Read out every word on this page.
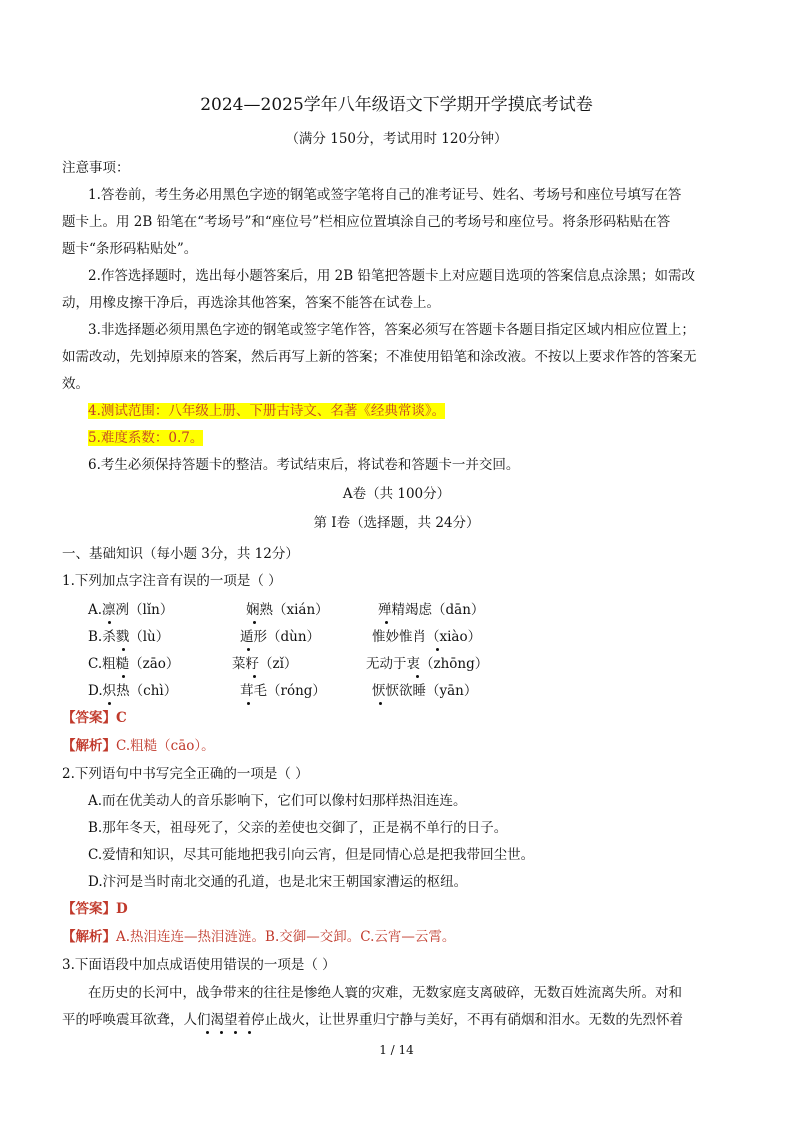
2024—2025学年八年级语文下学期开学摸底考试卷
（满分 150分，考试用时 120分钟）
注意事项：
1.答卷前，考生务必用黑色字迹的钢笔或签字笔将自己的准考证号、姓名、考场号和座位号填写在答
题卡上。用 2B 铅笔在“考场号”和“座位号”栏相应位置填涂自己的考场号和座位号。将条形码粘贴在答
题卡“条形码粘贴处”。
2.作答选择题时，选出每小题答案后，用 2B 铅笔把答题卡上对应题目选项的答案信息点涂黑；如需改
动，用橡皮擦干净后，再选涂其他答案，答案不能答在试卷上。
3.非选择题必须用黑色字迹的钢笔或签字笔作答，答案必须写在答题卡各题目指定区域内相应位置上；
如需改动，先划掉原来的答案，然后再写上新的答案；不准使用铅笔和涂改液。不按以上要求作答的答案无
效。
4.测试范围：八年级上册、下册古诗文、名著《经典常谈》。
5.难度系数：0.7。
6.考生必须保持答题卡的整洁。考试结束后，将试卷和答题卡一并交回。
A卷（共 100分）
第 I卷（选择题，共 24分）
一、基础知识（每小题 3分，共 12分）
1.下列加点字注音有误的一项是（ ）
A.凛冽（lǐn）	娴熟（xián）	殚精竭虑（dān）
B.杀戮（lù）	遁形（dùn）	惟妙惟肖（xiào）
C.粗糙（zāo）	菜籽（zǐ）	无动于衷（zhōng）
D.炽热（chì）	茸毛（róng）	恹恹欲睡（yān）
【答案】C
【解析】C.粗糙（cāo）。
2.下列语句中书写完全正确的一项是（ ）
A.而在优美动人的音乐影响下，它们可以像村妇那样热泪连连。
B.那年冬天，祖母死了，父亲的差使也交御了，正是祸不单行的日子。
C.爱情和知识，尽其可能地把我引向云宵，但是同情心总是把我带回尘世。
D.汴河是当时南北交通的孔道，也是北宋王朝国家漕运的枢纽。
【答案】D
【解析】A.热泪连连—热泪涟涟。B.交御—交卸。C.云宵—云霄。
3.下面语段中加点成语使用错误的一项是（ ）
在历史的长河中，战争带来的往往是惨绝人寰的灾难，无数家庭支离破碎，无数百姓流离失所。对和
平的呼唤震耳欲聋，人们渴望着停止战火，让世界重归宁静与美好，不再有硝烟和泪水。无数的先烈怀着
1 / 14
